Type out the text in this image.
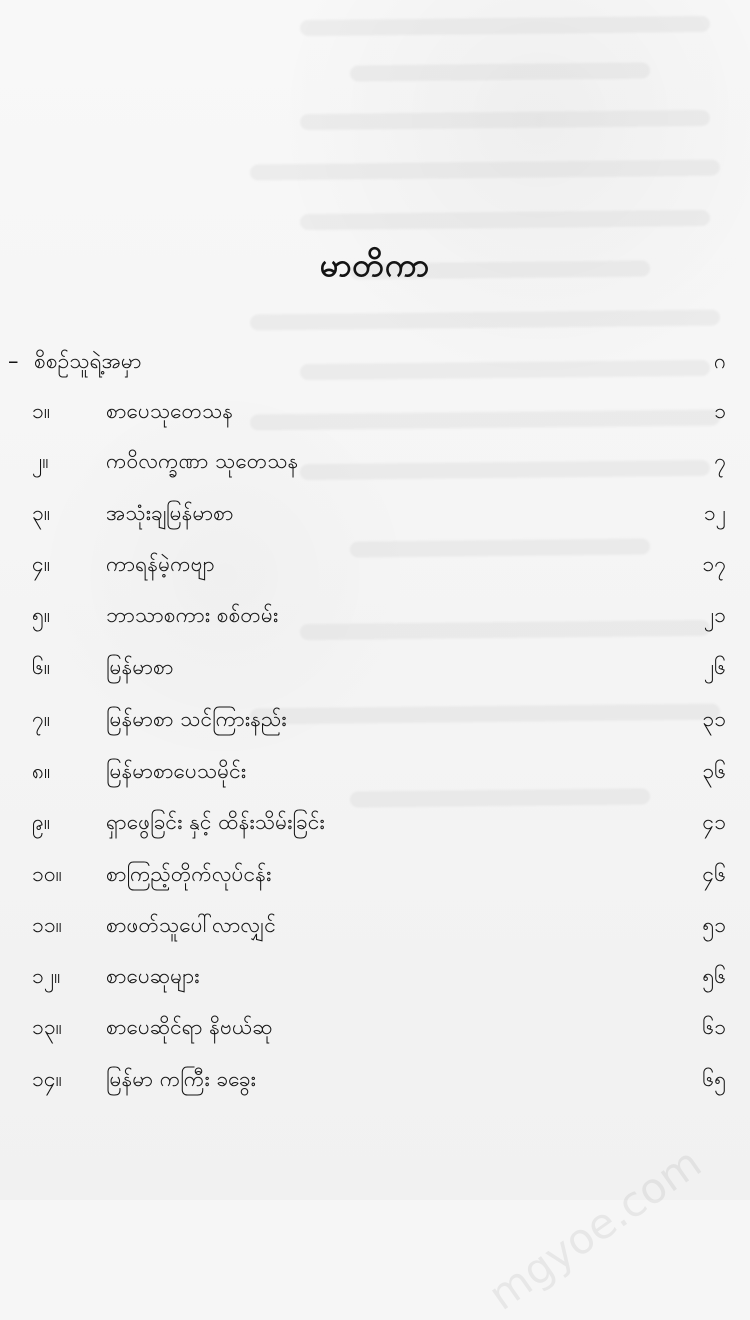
မာတိကာ
– စိစဥ်သူရဲ့အမှာ	ဂ
၁။	စာပေသုတေသန	၁
၂။	ကဝိလက္ခဏာ သုတေသန	၇
၃။	အသုံးချမြန်မာစာ	၁၂
၄။	ကာရန်မဲ့ကဗျာ	၁၇
၅။	ဘာသာစကား စစ်တမ်း	၂၁
၆။	မြန်မာစာ	၂၆
၇။	မြန်မာစာ သင်ကြားနည်း	၃၁
၈။	မြန်မာစာပေသမိုင်း	၃၆
၉။	ရှာဖွေခြင်း နှင့် ထိန်းသိမ်းခြင်း	၄၁
၁၀။	စာကြည့်တိုက်လုပ်ငန်း	၄၆
၁၁။	စာဖတ်သူပေါ်လာလျှင်	၅၁
၁၂။	စာပေဆုများ	၅၆
၁၃။	စာပေဆိုင်ရာ နိဗယ်ဆု	၆၁
၁၄။	မြန်မာ ကကြီး ခခွေး	၆၅
mgyoe.com
